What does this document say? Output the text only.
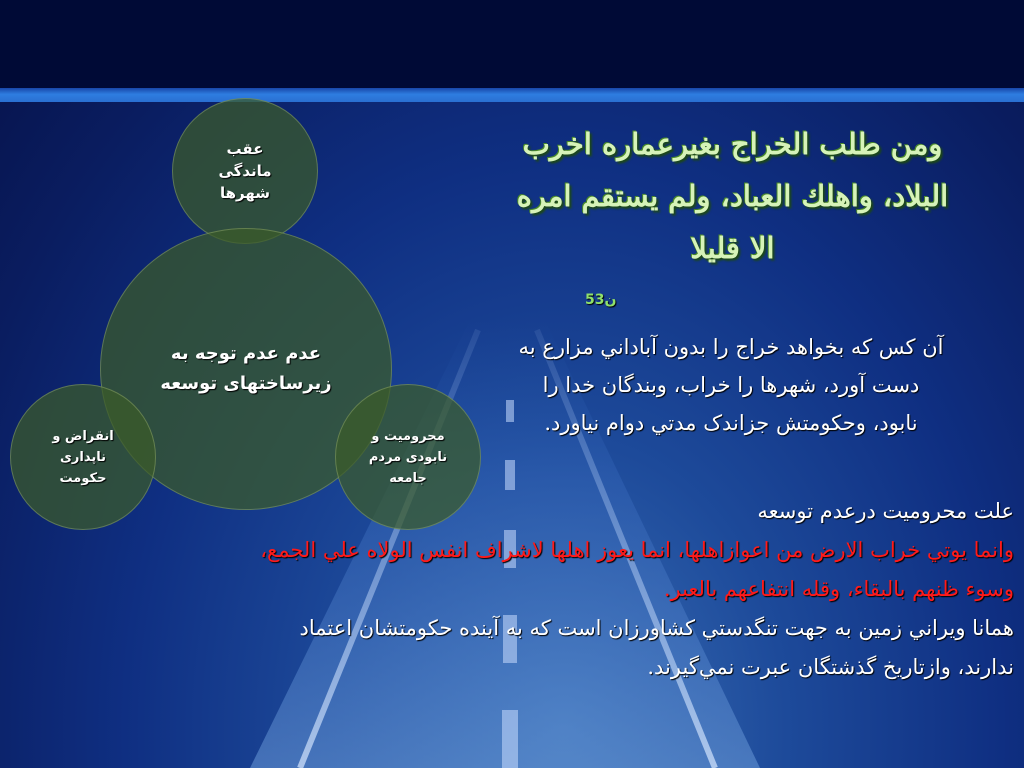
عقب
ماندگی
شهرها
عدم عدم توجه به
زیرساختهای توسعه
انقراض و
ناپداری
حکومت
محرومیت و
نابودی مردم
جامعه
ومن طلب الخراج بغيرعماره اخرب
البلاد، واهلك العباد، ولم يستقم امره
الا قليلا
ن53
آن کس که بخواهد خراج را بدون آباداني مزارع به
دست آورد، شهرها را خراب، وبندگان خدا را
نابود، وحکومتش جزاندک مدتي دوام نياورد.
علت محروميت درعدم توسعه
وانما يوتي خراب الارض من اعوازاهلها، انما يعوز اهلها لاشراف انفس الولاه علي الجمع،
وسوء ظنهم بالبقاء، وقله انتفاعهم بالعبر.
همانا ويراني زمين به جهت تنگدستي کشاورزان است که به آينده حکومتشان اعتماد
ندارند، وازتاريخ گذشتگان عبرت نمي‌گيرند.
